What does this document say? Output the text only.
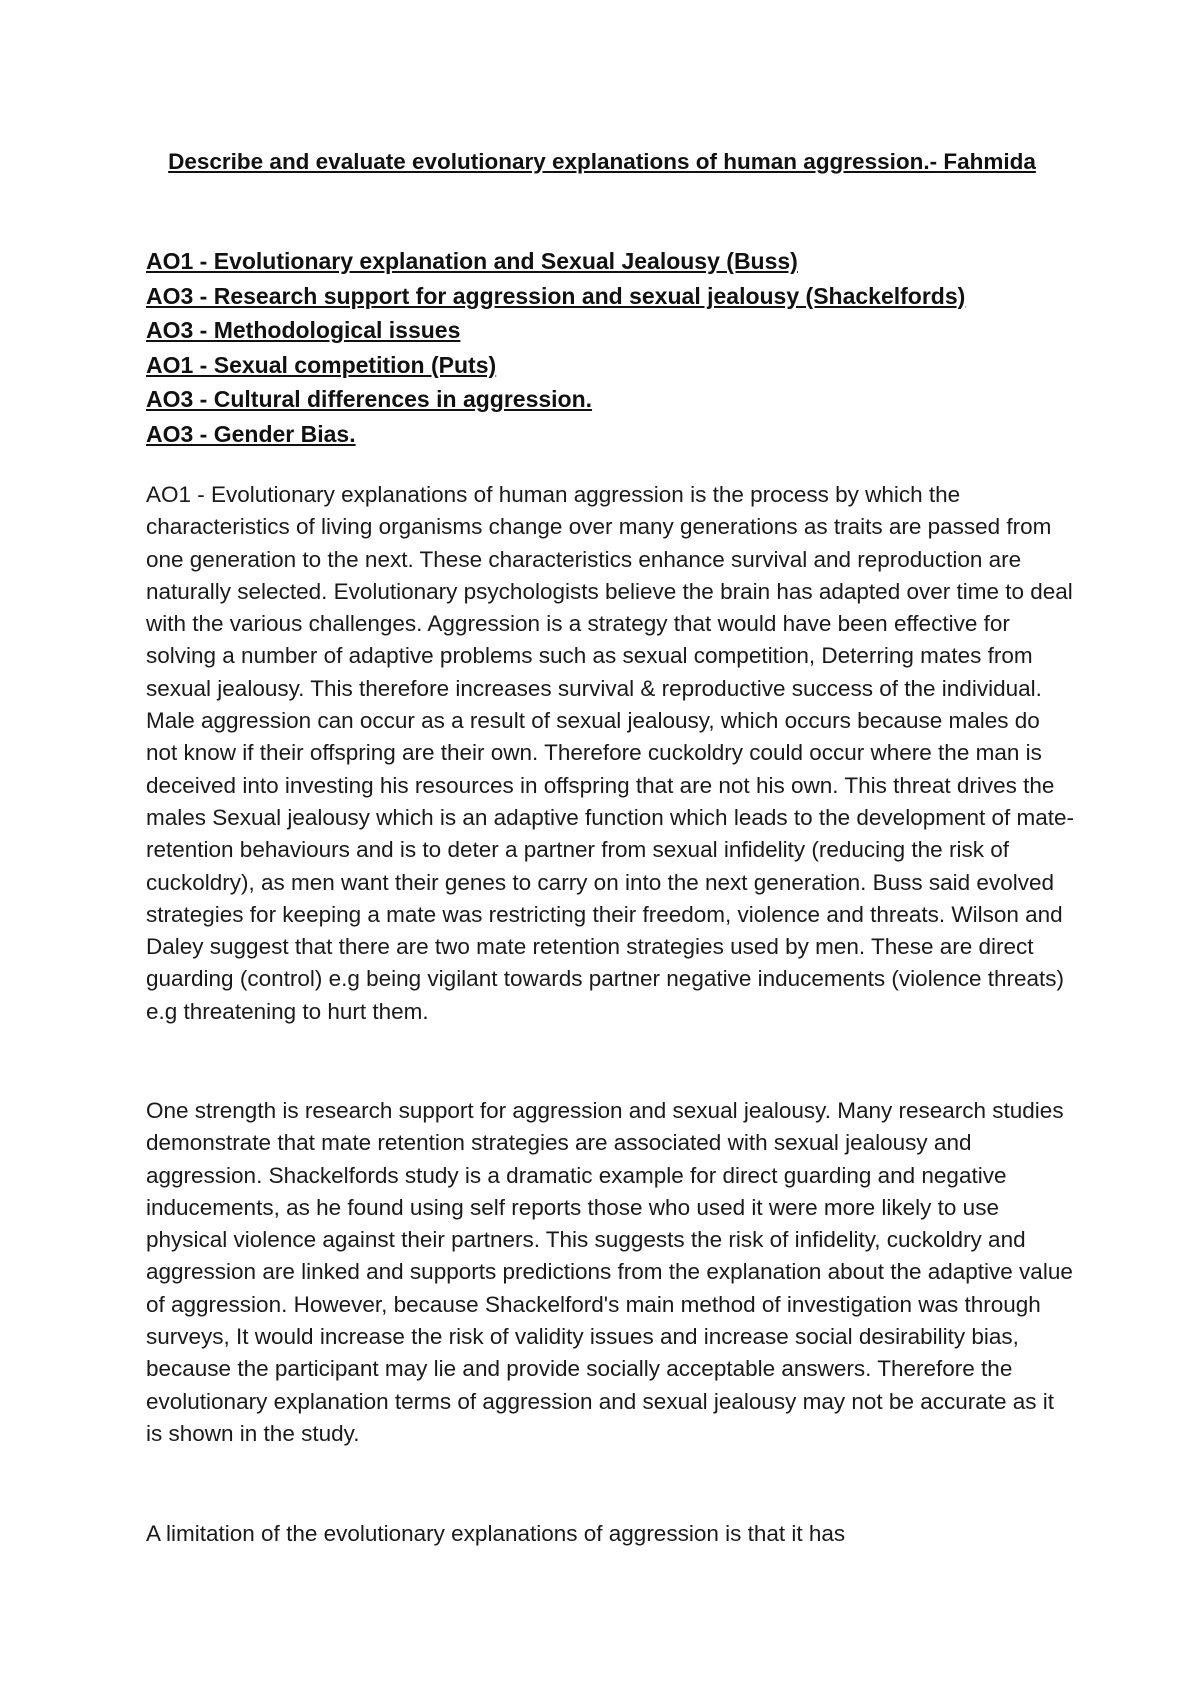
Describe and evaluate evolutionary explanations of human aggression.- Fahmida
AO1 - Evolutionary explanation and Sexual Jealousy (Buss)
AO3 - Research support for aggression and sexual jealousy (Shackelfords)
AO3 - Methodological issues
AO1 - Sexual competition (Puts)
AO3 - Cultural differences in aggression.
AO3 - Gender Bias.

AO1 - Evolutionary explanations of human aggression is the process by which the characteristics of living organisms change over many generations as traits are passed from one generation to the next. These characteristics enhance survival and reproduction are naturally selected. Evolutionary psychologists believe the brain has adapted over time to deal with the various challenges. Aggression is a strategy that would have been effective for solving a number of adaptive problems such as sexual competition, Deterring mates from sexual jealousy. This therefore increases survival & reproductive success of the individual. Male aggression can occur as a result of sexual jealousy, which occurs because males do not know if their offspring are their own. Therefore cuckoldry could occur where the man is deceived into investing his resources in offspring that are not his own. This threat drives the males Sexual jealousy which is an adaptive function which leads to the development of mate-retention behaviours and is to deter a partner from sexual infidelity (reducing the risk of cuckoldry), as men want their genes to carry on into the next generation. Buss said evolved strategies for keeping a mate was restricting their freedom, violence and threats. Wilson and Daley suggest that there are two mate retention strategies used by men. These are direct guarding (control) e.g being vigilant towards partner negative inducements (violence threats) e.g threatening to hurt them.

One strength is research support for aggression and sexual jealousy. Many research studies demonstrate that mate retention strategies are associated with sexual jealousy and aggression. Shackelfords study is a dramatic example for direct guarding and negative inducements, as he found using self reports those who used it were more likely to use physical violence against their partners. This suggests the risk of infidelity, cuckoldry and aggression are linked and supports predictions from the explanation about the adaptive value of aggression. However, because Shackelford's main method of investigation was through surveys, It would increase the risk of validity issues and increase social desirability bias, because the participant may lie and provide socially acceptable answers. Therefore the evolutionary explanation terms of aggression and sexual jealousy may not be accurate as it is shown in the study.

A limitation of the evolutionary explanations of aggression is that it has
